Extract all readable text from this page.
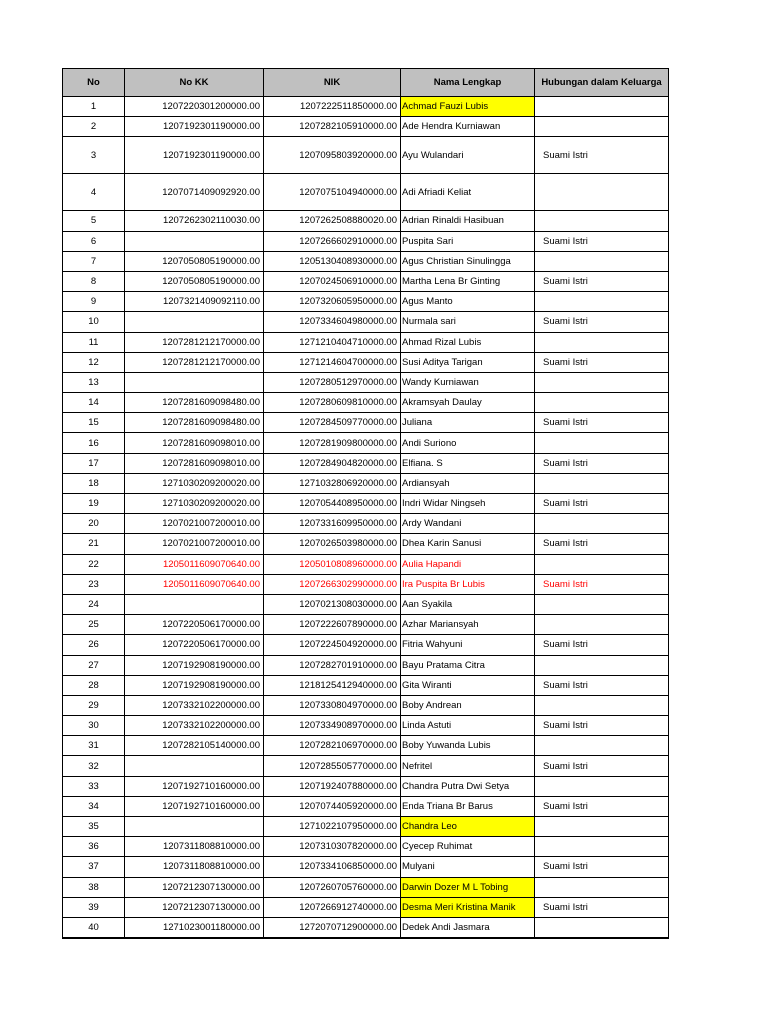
No	No KK	NIK	Nama Lengkap	Hubungan dalam Keluarga
1	1207220301200000.00	1207222511850000.00	Achmad Fauzi Lubis	
2	1207192301190000.00	1207282105910000.00	Ade Hendra Kurniawan	
3	1207192301190000.00	1207095803920000.00	Ayu Wulandari	Suami Istri
4	1207071409092920.00	1207075104940000.00	Adi Afriadi Keliat	
5	1207262302110030.00	1207262508880020.00	Adrian Rinaldi Hasibuan	
6		1207266602910000.00	Puspita Sari	Suami Istri
7	1207050805190000.00	1205130408930000.00	Agus Christian Sinulingga	
8	1207050805190000.00	1207024506910000.00	Martha Lena Br Ginting	Suami Istri
9	1207321409092110.00	1207320605950000.00	Agus Manto	
10		1207334604980000.00	Nurmala sari	Suami Istri
11	1207281212170000.00	1271210404710000.00	Ahmad Rizal Lubis	
12	1207281212170000.00	1271214604700000.00	Susi Aditya Tarigan	Suami Istri
13		1207280512970000.00	Wandy Kurniawan	
14	1207281609098480.00	1207280609810000.00	Akramsyah Daulay	
15	1207281609098480.00	1207284509770000.00	Juliana	Suami Istri
16	1207281609098010.00	1207281909800000.00	Andi Suriono	
17	1207281609098010.00	1207284904820000.00	Elfiana. S	Suami Istri
18	1271030209200020.00	1271032806920000.00	Ardiansyah	
19	1271030209200020.00	1207054408950000.00	Indri Widar Ningseh	Suami Istri
20	1207021007200010.00	1207331609950000.00	Ardy Wandani	
21	1207021007200010.00	1207026503980000.00	Dhea Karin Sanusi	Suami Istri
22	1205011609070640.00	1205010808960000.00	Aulia Hapandi	
23	1205011609070640.00	1207266302990000.00	Ira Puspita Br Lubis	Suami Istri
24		1207021308030000.00	Aan Syakila	
25	1207220506170000.00	1207222607890000.00	Azhar Mariansyah	
26	1207220506170000.00	1207224504920000.00	Fitria Wahyuni	Suami Istri
27	1207192908190000.00	1207282701910000.00	Bayu Pratama Citra	
28	1207192908190000.00	1218125412940000.00	Gita Wiranti	Suami Istri
29	1207332102200000.00	1207330804970000.00	Boby Andrean	
30	1207332102200000.00	1207334908970000.00	Linda Astuti	Suami Istri
31	1207282105140000.00	1207282106970000.00	Boby Yuwanda Lubis	
32		1207285505770000.00	Nefritel	Suami Istri
33	1207192710160000.00	1207192407880000.00	Chandra Putra Dwi Setya	
34	1207192710160000.00	1207074405920000.00	Enda Triana Br Barus	Suami Istri
35		1271022107950000.00	Chandra Leo	
36	1207311808810000.00	1207310307820000.00	Cyecep Ruhimat	
37	1207311808810000.00	1207334106850000.00	Mulyani	Suami Istri
38	1207212307130000.00	1207260705760000.00	Darwin Dozer M L Tobing	
39	1207212307130000.00	1207266912740000.00	Desma Meri Kristina Manik	Suami Istri
40	1271023001180000.00	1272070712900000.00	Dedek Andi Jasmara	
